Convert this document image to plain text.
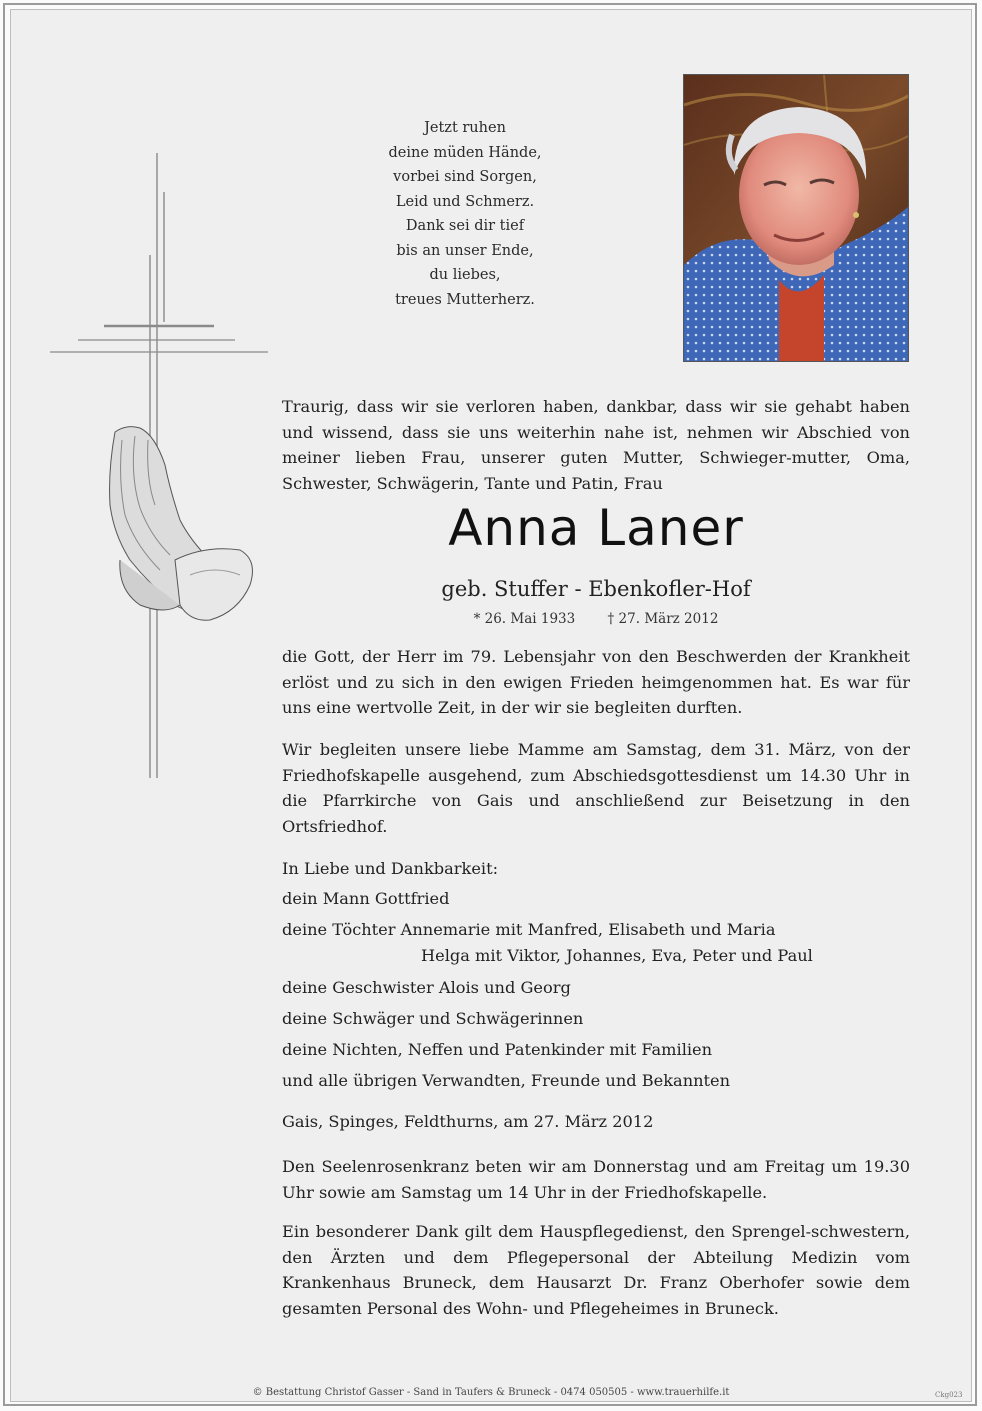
Jetzt ruhen
deine müden Hände,
vorbei sind Sorgen,
Leid und Schmerz.
Dank sei dir tief
bis an unser Ende,
du liebes,
treues Mutterherz.
Traurig, dass wir sie verloren haben, dankbar, dass wir sie gehabt haben und wissend, dass sie uns weiterhin nahe ist, nehmen wir Abschied von meiner lieben Frau, unserer guten Mutter, Schwieger-mutter, Oma, Schwester, Schwägerin, Tante und Patin, Frau
Anna Laner
geb. Stuffer - Ebenkofler-Hof
* 26. Mai 1933 † 27. März 2012
die Gott, der Herr im 79. Lebensjahr von den Beschwerden der Krankheit erlöst und zu sich in den ewigen Frieden heimgenommen hat. Es war für uns eine wertvolle Zeit, in der wir sie begleiten durften.
Wir begleiten unsere liebe Mamme am Samstag, dem 31. März, von der Friedhofskapelle ausgehend, zum Abschiedsgottesdienst um 14.30 Uhr in die Pfarrkirche von Gais und anschließend zur Beisetzung in den Ortsfriedhof.
In Liebe und Dankbarkeit:
dein Mann Gottfried
deine Töchter Annemarie mit Manfred, Elisabeth und Maria
Helga mit Viktor, Johannes, Eva, Peter und Paul
deine Geschwister Alois und Georg
deine Schwäger und Schwägerinnen
deine Nichten, Neffen und Patenkinder mit Familien
und alle übrigen Verwandten, Freunde und Bekannten
Gais, Spinges, Feldthurns, am 27. März 2012
Den Seelenrosenkranz beten wir am Donnerstag und am Freitag um 19.30 Uhr sowie am Samstag um 14 Uhr in der Friedhofskapelle.
Ein besonderer Dank gilt dem Hauspflegedienst, den Sprengel-schwestern, den Ärzten und dem Pflegepersonal der Abteilung Medizin vom Krankenhaus Bruneck, dem Hausarzt Dr. Franz Oberhofer sowie dem gesamten Personal des Wohn- und Pflegeheimes in Bruneck.
© Bestattung Christof Gasser - Sand in Taufers & Bruneck - 0474 050505 - www.trauerhilfe.it	Ckg023
